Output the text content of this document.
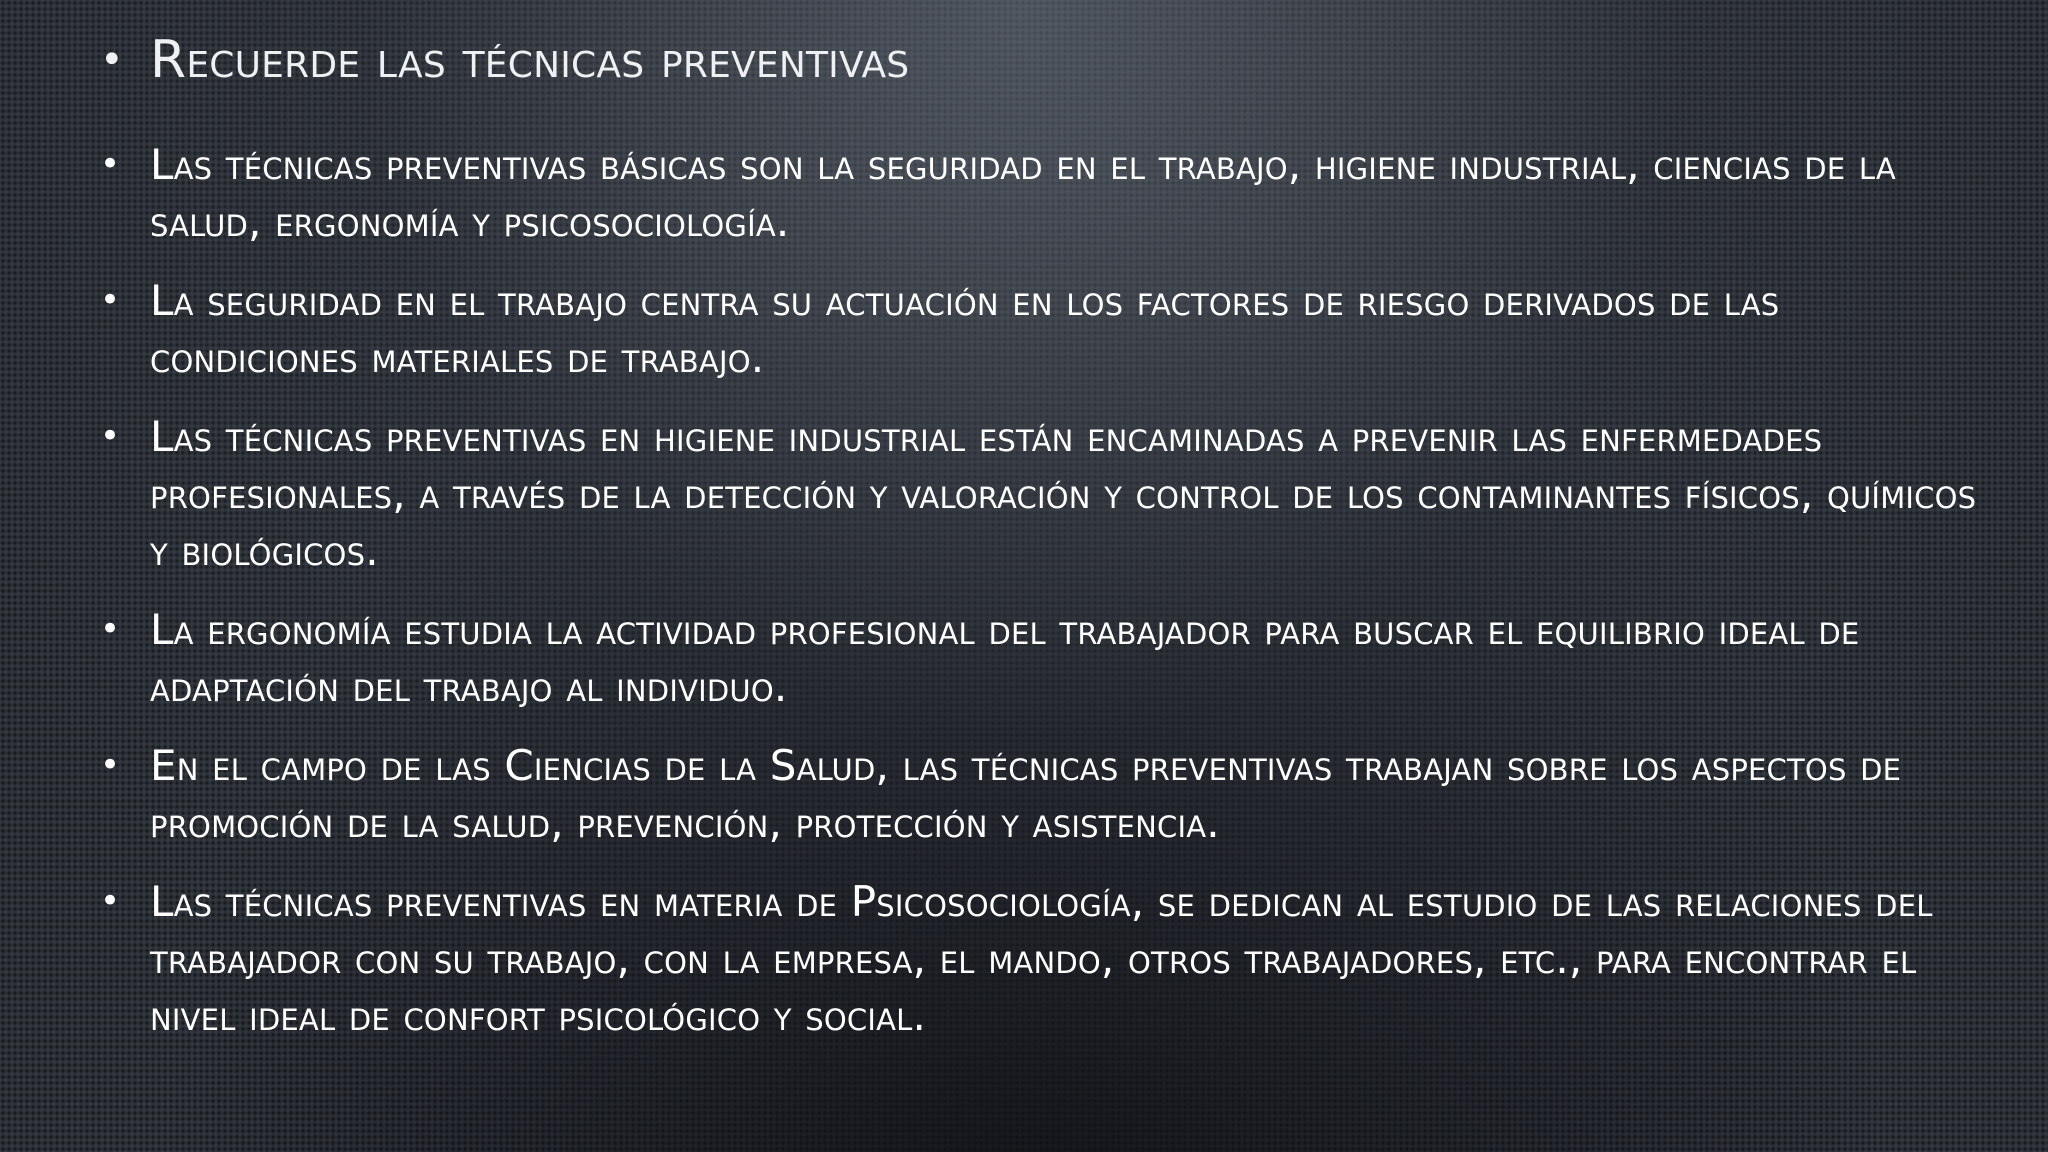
• Recuerde las técnicas preventivas
• Las técnicas preventivas básicas son la seguridad en el trabajo, higiene industrial, ciencias de la salud, ergonomía y psicosociología.
• La seguridad en el trabajo centra su actuación en los factores de riesgo derivados de las condiciones materiales de trabajo.
• Las técnicas preventivas en higiene industrial están encaminadas a prevenir las enfermedades profesionales, a través de la detección y valoración y control de los contaminantes físicos, químicos y biológicos.
• La ergonomía estudia la actividad profesional del trabajador para buscar el equilibrio ideal de adaptación del trabajo al individuo.
• En el campo de las Ciencias de la Salud, las técnicas preventivas trabajan sobre los aspectos de promoción de la salud, prevención, protección y asistencia.
• Las técnicas preventivas en materia de Psicosociología, se dedican al estudio de las relaciones del trabajador con su trabajo, con la empresa, el mando, otros trabajadores, etc., para encontrar el nivel ideal de confort psicológico y social.
